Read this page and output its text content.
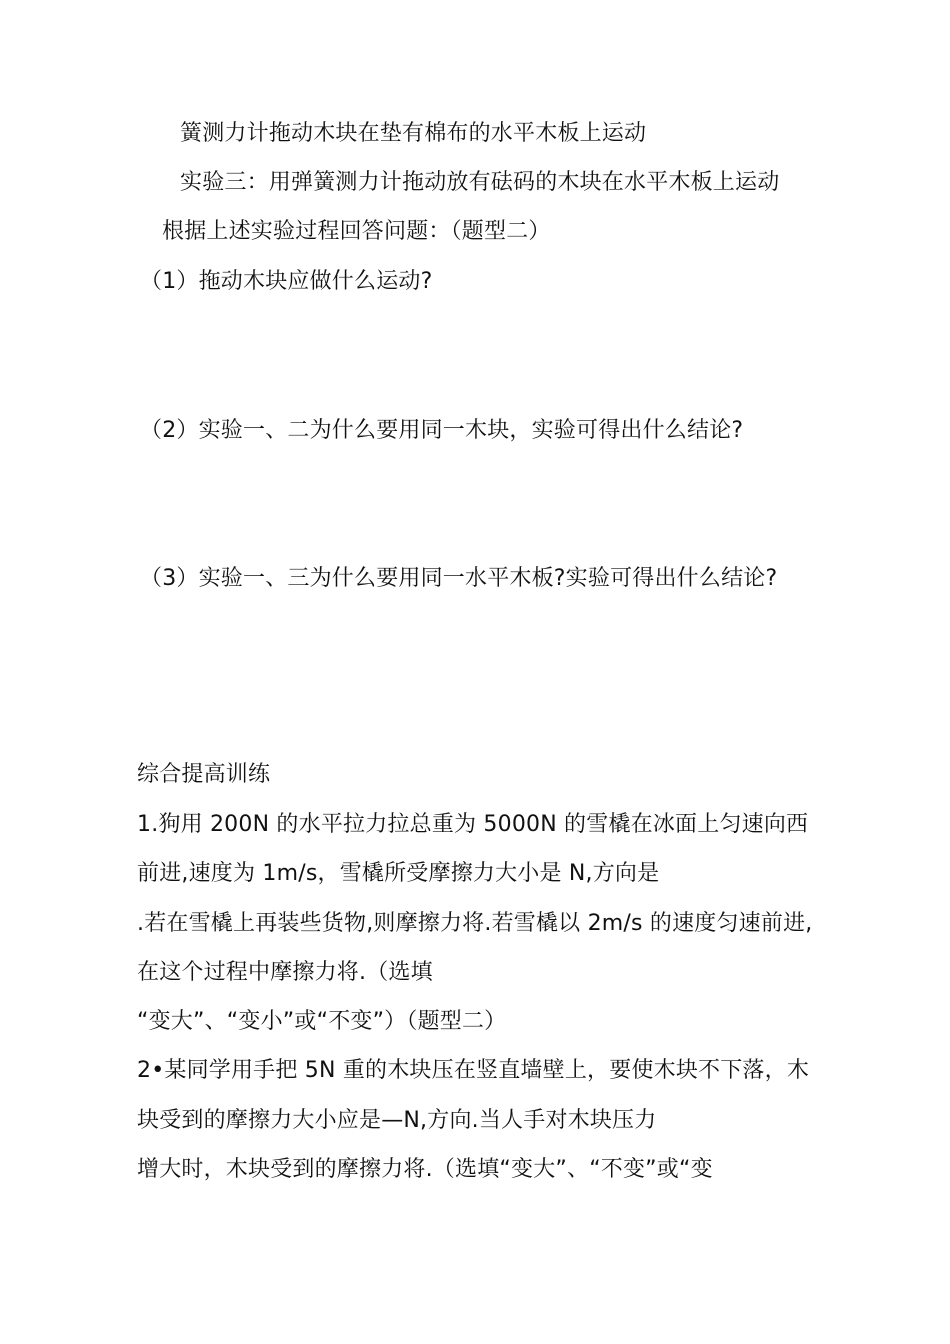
簧测力计拖动木块在垫有棉布的水平木板上运动
实验三：用弹簧测力计拖动放有砝码的木块在水平木板上运动
根据上述实验过程回答问题：（题型二）
（1）拖动木块应做什么运动?
（2）实验一、二为什么要用同一木块，实验可得出什么结论?
（3）实验一、三为什么要用同一水平木板?实验可得出什么结论?
综合提高训练
1.狗用 200N 的水平拉力拉总重为 5000N 的雪橇在冰面上匀速向西
前进,速度为 1m/s，雪橇所受摩擦力大小是 N,方向是
.若在雪橇上再装些货物,则摩擦力将.若雪橇以 2m/s 的速度匀速前进,
在这个过程中摩擦力将.（选填
“变大”、“变小”或“不变”）（题型二）
2•某同学用手把 5N 重的木块压在竖直墙壁上，要使木块不下落，木
块受到的摩擦力大小应是—N,方向.当人手对木块压力
增大时，木块受到的摩擦力将.（选填“变大”、“不变”或“变
